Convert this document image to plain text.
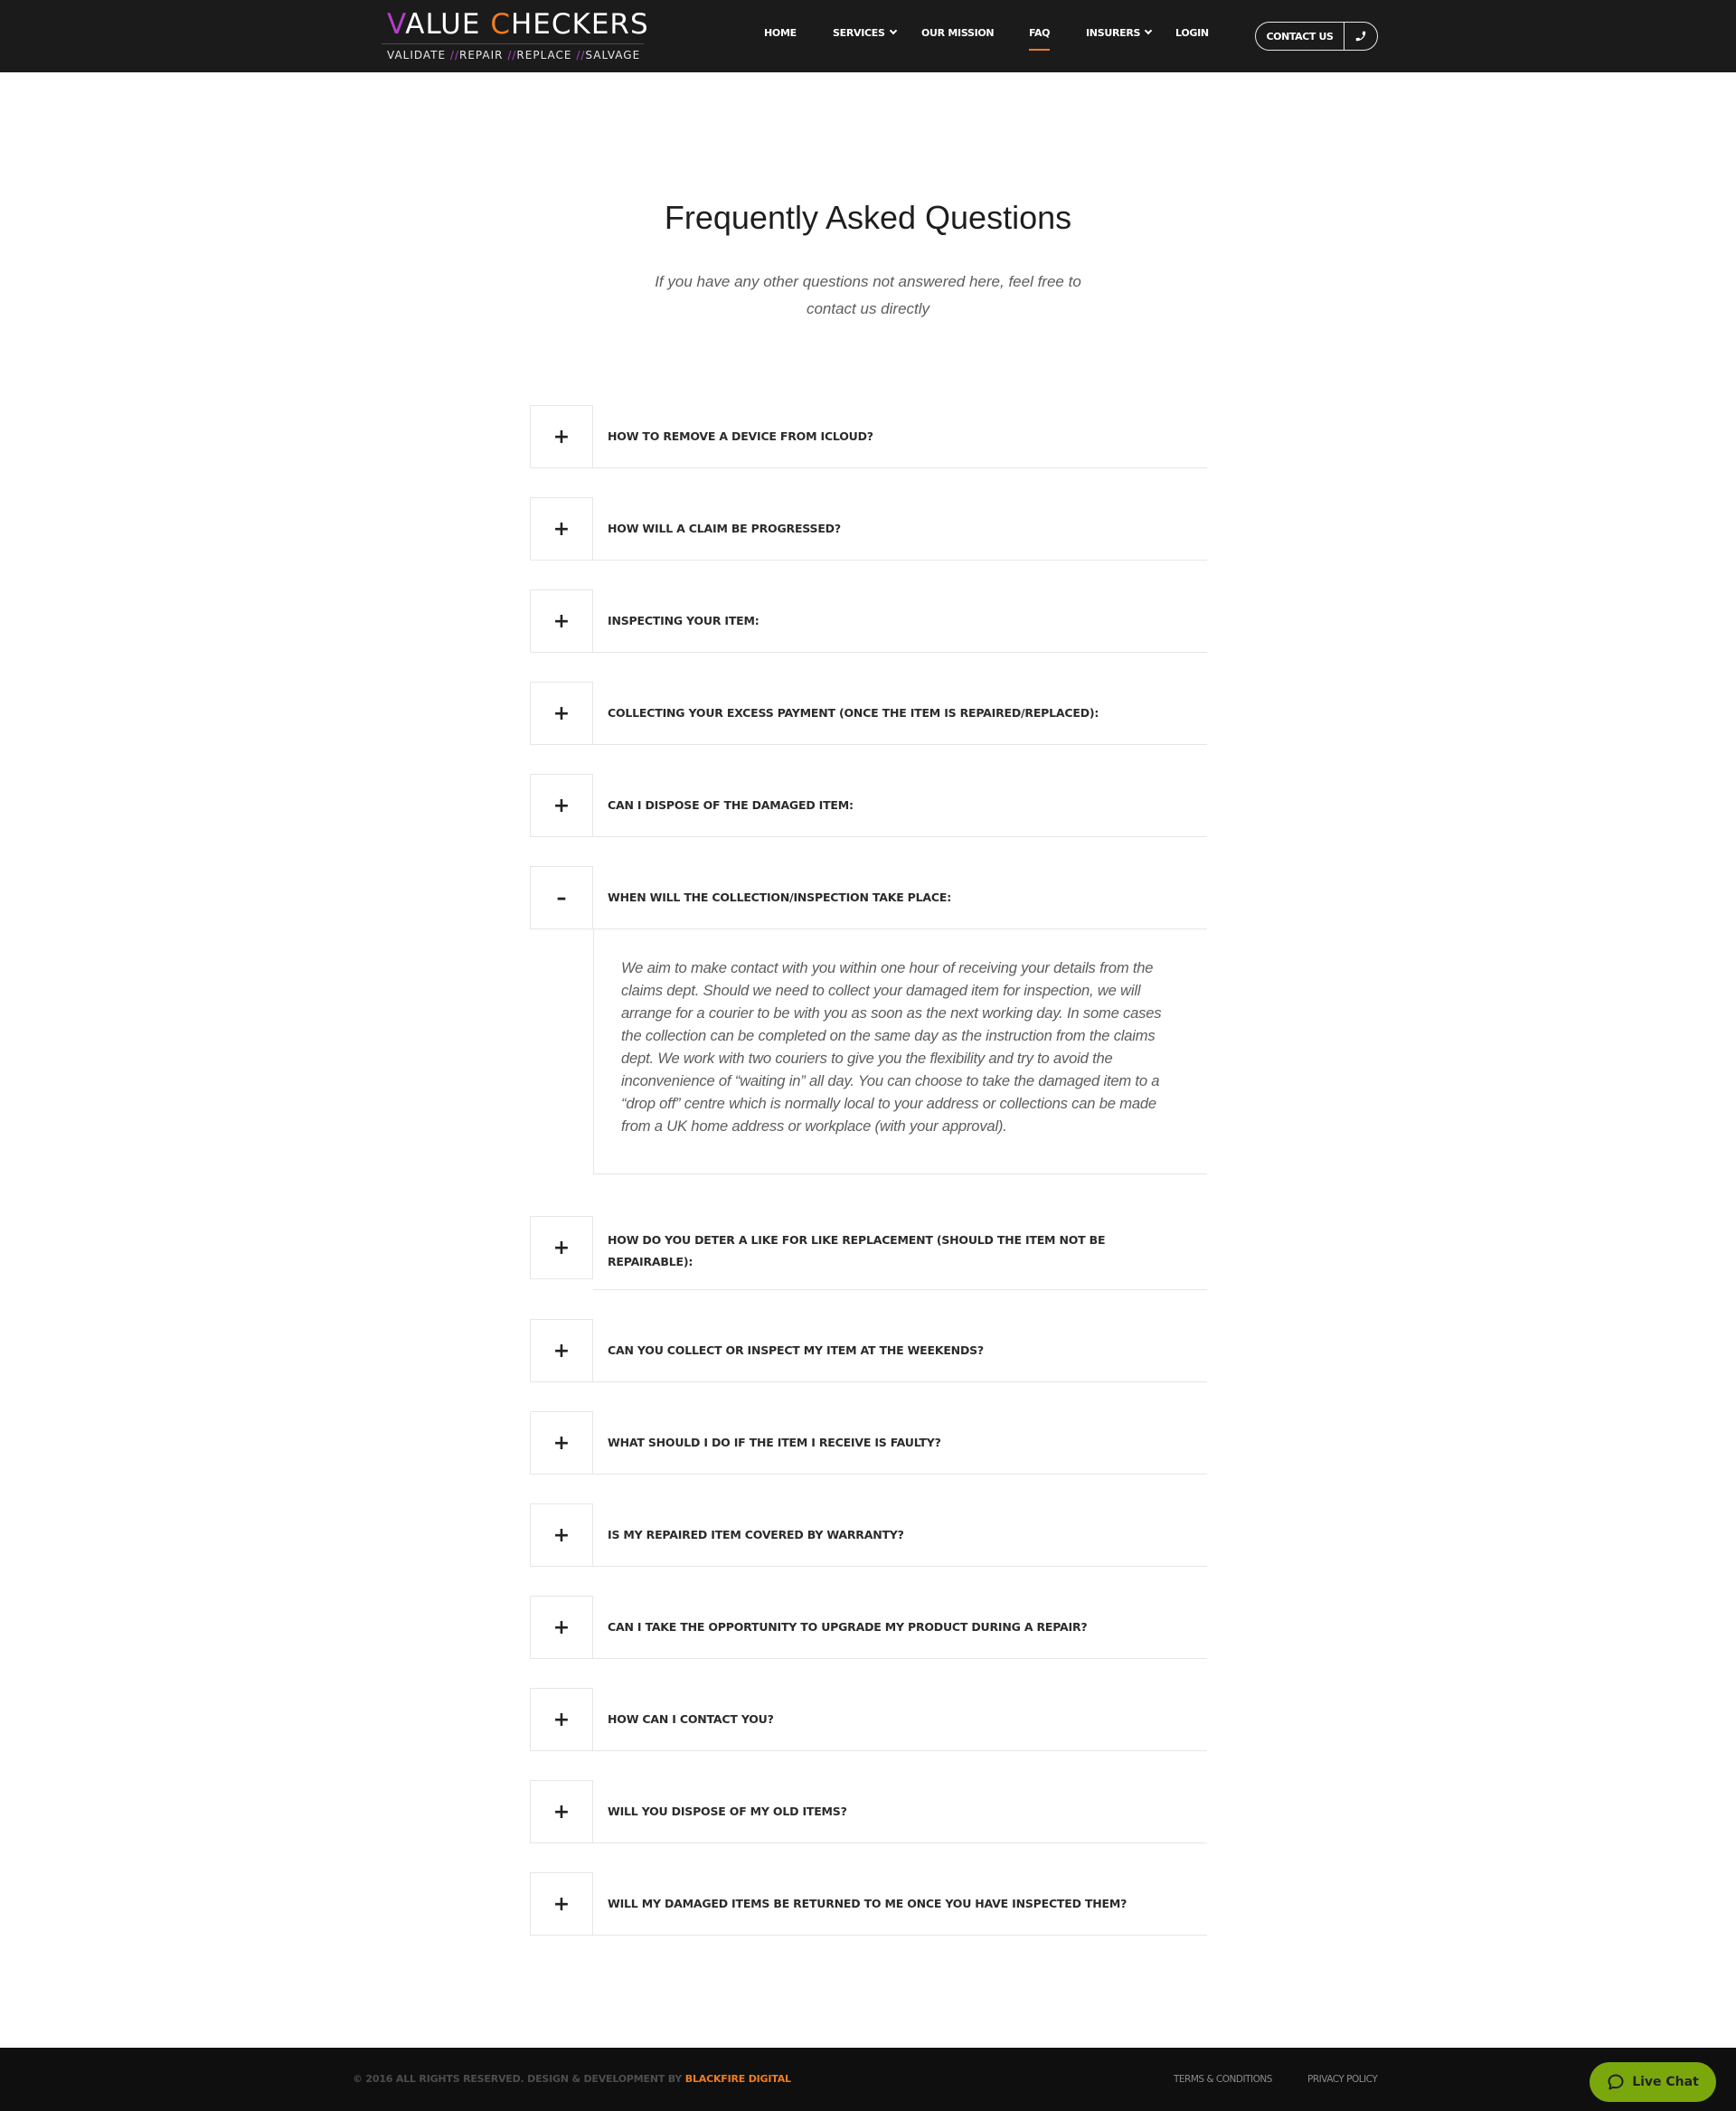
VALUE CHECKERS
VALIDATE //REPAIR //REPLACE //SALVAGE
HOME	SERVICES	OUR MISSION	FAQ	INSURERS	LOGIN	CONTACT US
Frequently Asked Questions

If you have any other questions not answered here, feel free to contact us directly

+	HOW TO REMOVE A DEVICE FROM ICLOUD?
+	HOW WILL A CLAIM BE PROGRESSED?
+	INSPECTING YOUR ITEM:
+	COLLECTING YOUR EXCESS PAYMENT (ONCE THE ITEM IS REPAIRED/REPLACED):
+	CAN I DISPOSE OF THE DAMAGED ITEM:
–	WHEN WILL THE COLLECTION/INSPECTION TAKE PLACE:
We aim to make contact with you within one hour of receiving your details from the claims dept. Should we need to collect your damaged item for inspection, we will arrange for a courier to be with you as soon as the next working day. In some cases the collection can be completed on the same day as the instruction from the claims dept. We work with two couriers to give you the flexibility and try to avoid the inconvenience of “waiting in” all day. You can choose to take the damaged item to a “drop off” centre which is normally local to your address or collections can be made from a UK home address or workplace (with your approval).
+	HOW DO YOU DETER A LIKE FOR LIKE REPLACEMENT (SHOULD THE ITEM NOT BE REPAIRABLE):
+	CAN YOU COLLECT OR INSPECT MY ITEM AT THE WEEKENDS?
+	WHAT SHOULD I DO IF THE ITEM I RECEIVE IS FAULTY?
+	IS MY REPAIRED ITEM COVERED BY WARRANTY?
+	CAN I TAKE THE OPPORTUNITY TO UPGRADE MY PRODUCT DURING A REPAIR?
+	HOW CAN I CONTACT YOU?
+	WILL YOU DISPOSE OF MY OLD ITEMS?
+	WILL MY DAMAGED ITEMS BE RETURNED TO ME ONCE YOU HAVE INSPECTED THEM?
© 2016 ALL RIGHTS RESERVED. DESIGN & DEVELOPMENT BY BLACKFIRE DIGITAL	TERMS & CONDITIONS	PRIVACY POLICY	Live Chat
